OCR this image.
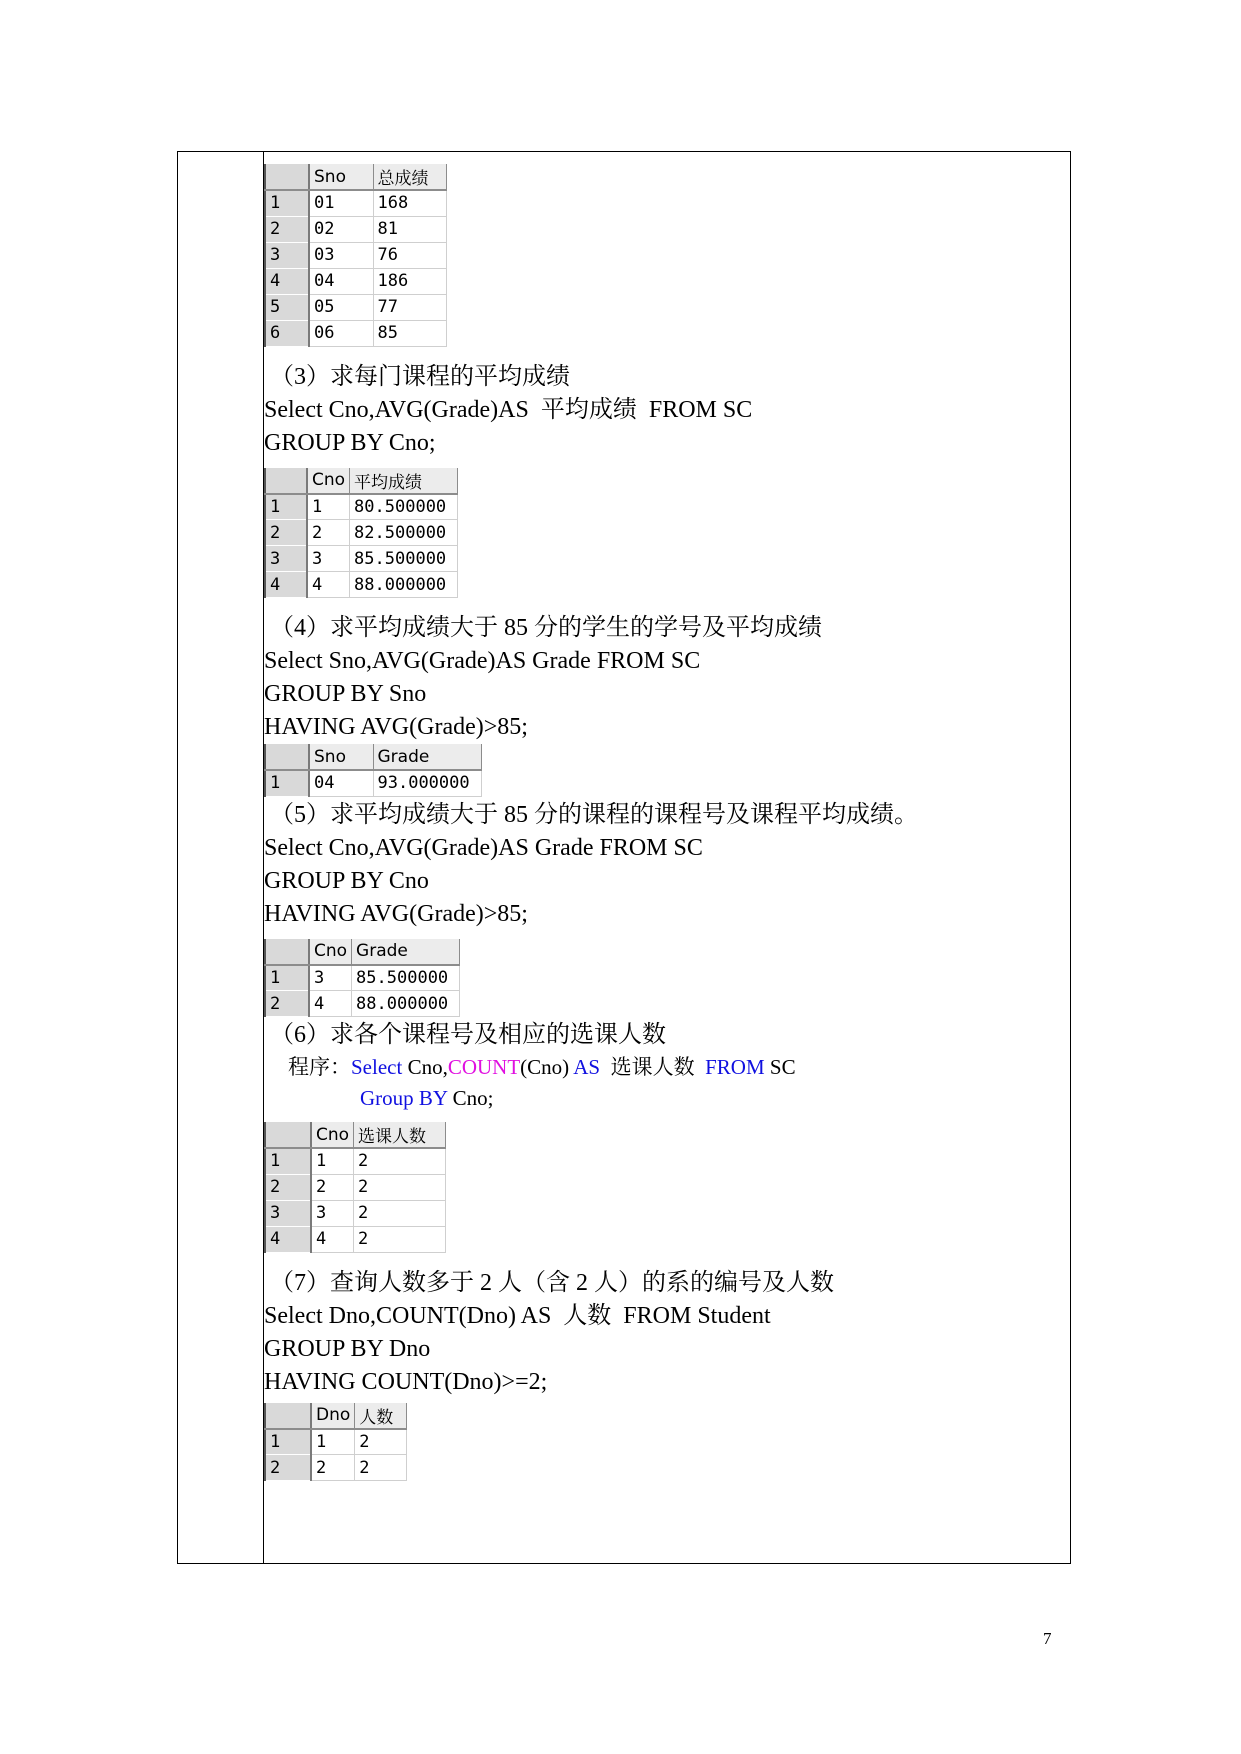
	Sno	总成绩
1	01	168
2	02	81
3	03	76
4	04	186
5	05	77
6	06	85
（3）求每门课程的平均成绩
Select Cno,AVG(Grade)AS  平均成绩  FROM SC
GROUP BY Cno;
	Cno	平均成绩
1	1	80.500000
2	2	82.500000
3	3	85.500000
4	4	88.000000
（4）求平均成绩大于 85 分的学生的学号及平均成绩
Select Sno,AVG(Grade)AS Grade FROM SC
GROUP BY Sno
HAVING AVG(Grade)>85;
	Sno	Grade
1	04	93.000000
（5）求平均成绩大于 85 分的课程的课程号及课程平均成绩。
Select Cno,AVG(Grade)AS Grade FROM SC
GROUP BY Cno
HAVING AVG(Grade)>85;
	Cno	Grade
1	3	85.500000
2	4	88.000000
（6）求各个课程号及相应的选课人数
程序：Select Cno,COUNT(Cno) AS  选课人数  FROM SC
Group BY Cno;
	Cno	选课人数
1	1	2
2	2	2
3	3	2
4	4	2
（7）查询人数多于 2 人（含 2 人）的系的编号及人数
Select Dno,COUNT(Dno) AS  人数  FROM Student
GROUP BY Dno
HAVING COUNT(Dno)>=2;
	Dno	人数
1	1	2
2	2	2
7
